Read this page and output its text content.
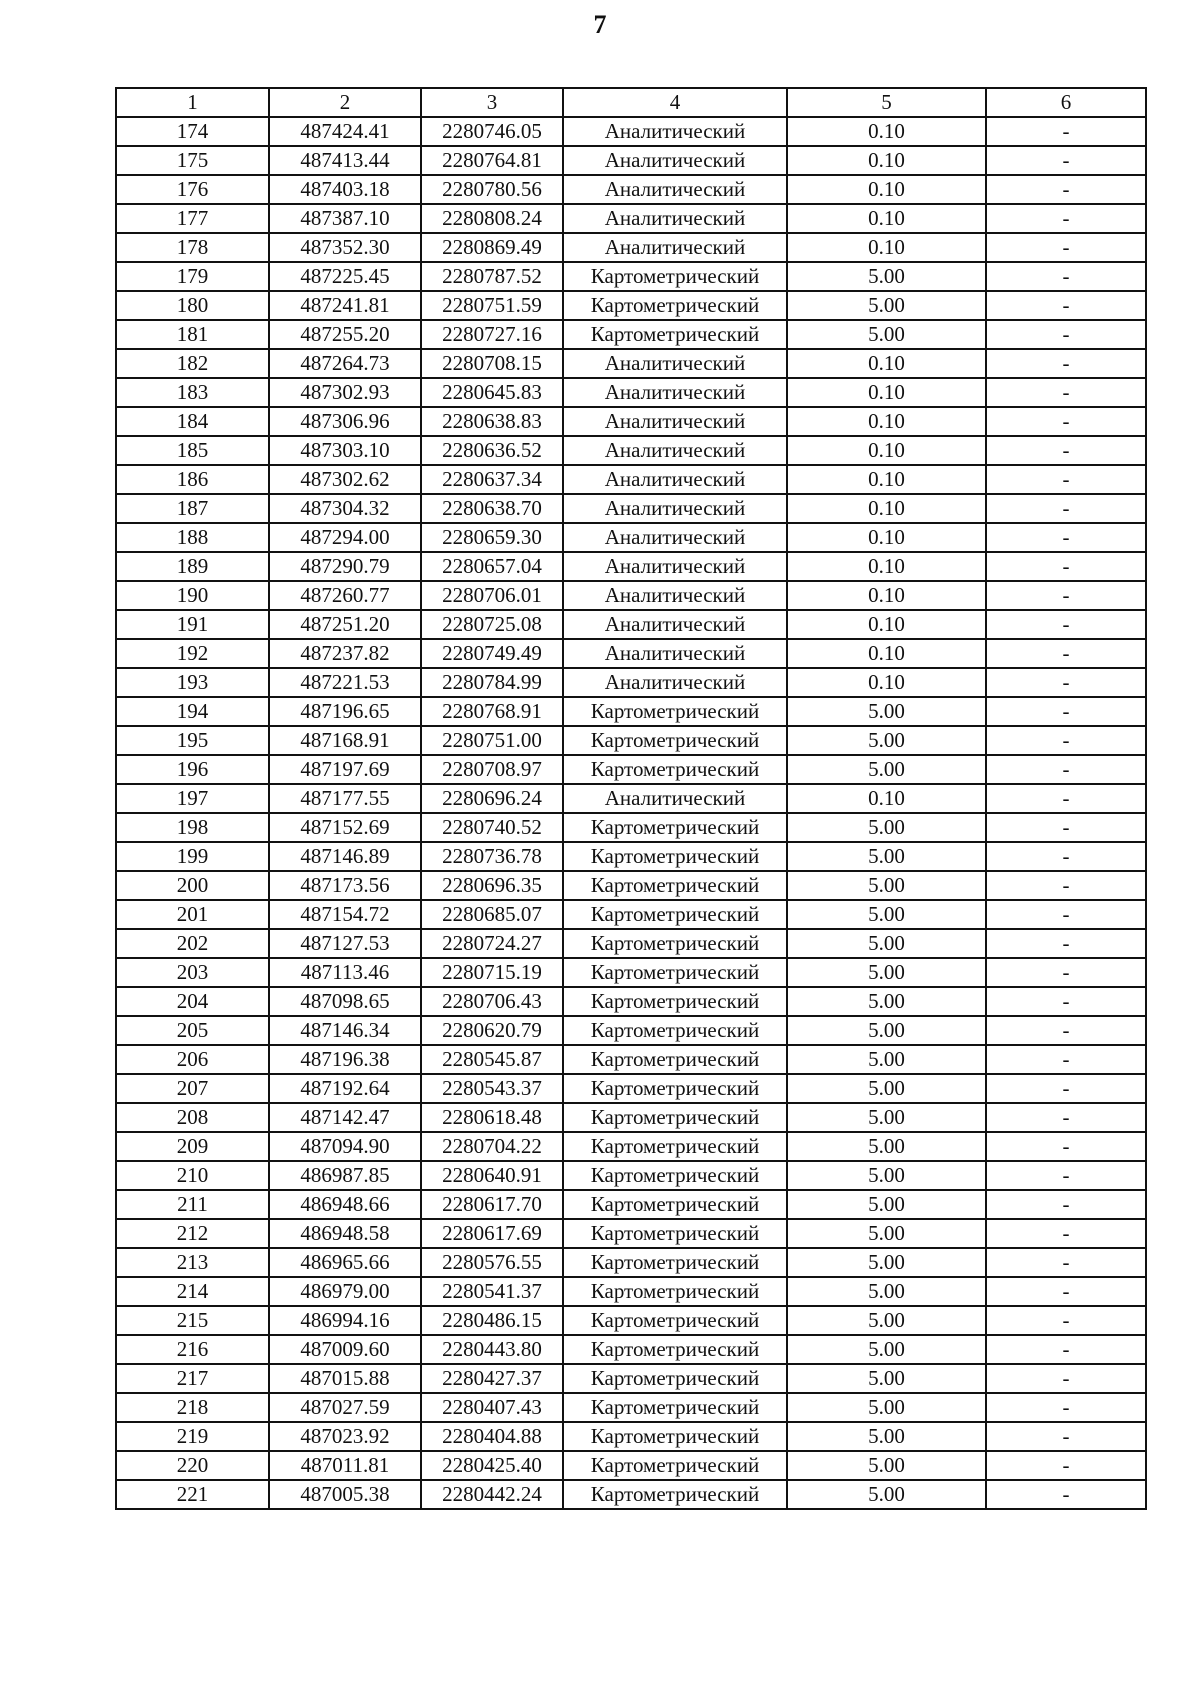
7
1	2	3	4	5	6
174	487424.41	2280746.05	Аналитический	0.10	-
175	487413.44	2280764.81	Аналитический	0.10	-
176	487403.18	2280780.56	Аналитический	0.10	-
177	487387.10	2280808.24	Аналитический	0.10	-
178	487352.30	2280869.49	Аналитический	0.10	-
179	487225.45	2280787.52	Картометрический	5.00	-
180	487241.81	2280751.59	Картометрический	5.00	-
181	487255.20	2280727.16	Картометрический	5.00	-
182	487264.73	2280708.15	Аналитический	0.10	-
183	487302.93	2280645.83	Аналитический	0.10	-
184	487306.96	2280638.83	Аналитический	0.10	-
185	487303.10	2280636.52	Аналитический	0.10	-
186	487302.62	2280637.34	Аналитический	0.10	-
187	487304.32	2280638.70	Аналитический	0.10	-
188	487294.00	2280659.30	Аналитический	0.10	-
189	487290.79	2280657.04	Аналитический	0.10	-
190	487260.77	2280706.01	Аналитический	0.10	-
191	487251.20	2280725.08	Аналитический	0.10	-
192	487237.82	2280749.49	Аналитический	0.10	-
193	487221.53	2280784.99	Аналитический	0.10	-
194	487196.65	2280768.91	Картометрический	5.00	-
195	487168.91	2280751.00	Картометрический	5.00	-
196	487197.69	2280708.97	Картометрический	5.00	-
197	487177.55	2280696.24	Аналитический	0.10	-
198	487152.69	2280740.52	Картометрический	5.00	-
199	487146.89	2280736.78	Картометрический	5.00	-
200	487173.56	2280696.35	Картометрический	5.00	-
201	487154.72	2280685.07	Картометрический	5.00	-
202	487127.53	2280724.27	Картометрический	5.00	-
203	487113.46	2280715.19	Картометрический	5.00	-
204	487098.65	2280706.43	Картометрический	5.00	-
205	487146.34	2280620.79	Картометрический	5.00	-
206	487196.38	2280545.87	Картометрический	5.00	-
207	487192.64	2280543.37	Картометрический	5.00	-
208	487142.47	2280618.48	Картометрический	5.00	-
209	487094.90	2280704.22	Картометрический	5.00	-
210	486987.85	2280640.91	Картометрический	5.00	-
211	486948.66	2280617.70	Картометрический	5.00	-
212	486948.58	2280617.69	Картометрический	5.00	-
213	486965.66	2280576.55	Картометрический	5.00	-
214	486979.00	2280541.37	Картометрический	5.00	-
215	486994.16	2280486.15	Картометрический	5.00	-
216	487009.60	2280443.80	Картометрический	5.00	-
217	487015.88	2280427.37	Картометрический	5.00	-
218	487027.59	2280407.43	Картометрический	5.00	-
219	487023.92	2280404.88	Картометрический	5.00	-
220	487011.81	2280425.40	Картометрический	5.00	-
221	487005.38	2280442.24	Картометрический	5.00	-
